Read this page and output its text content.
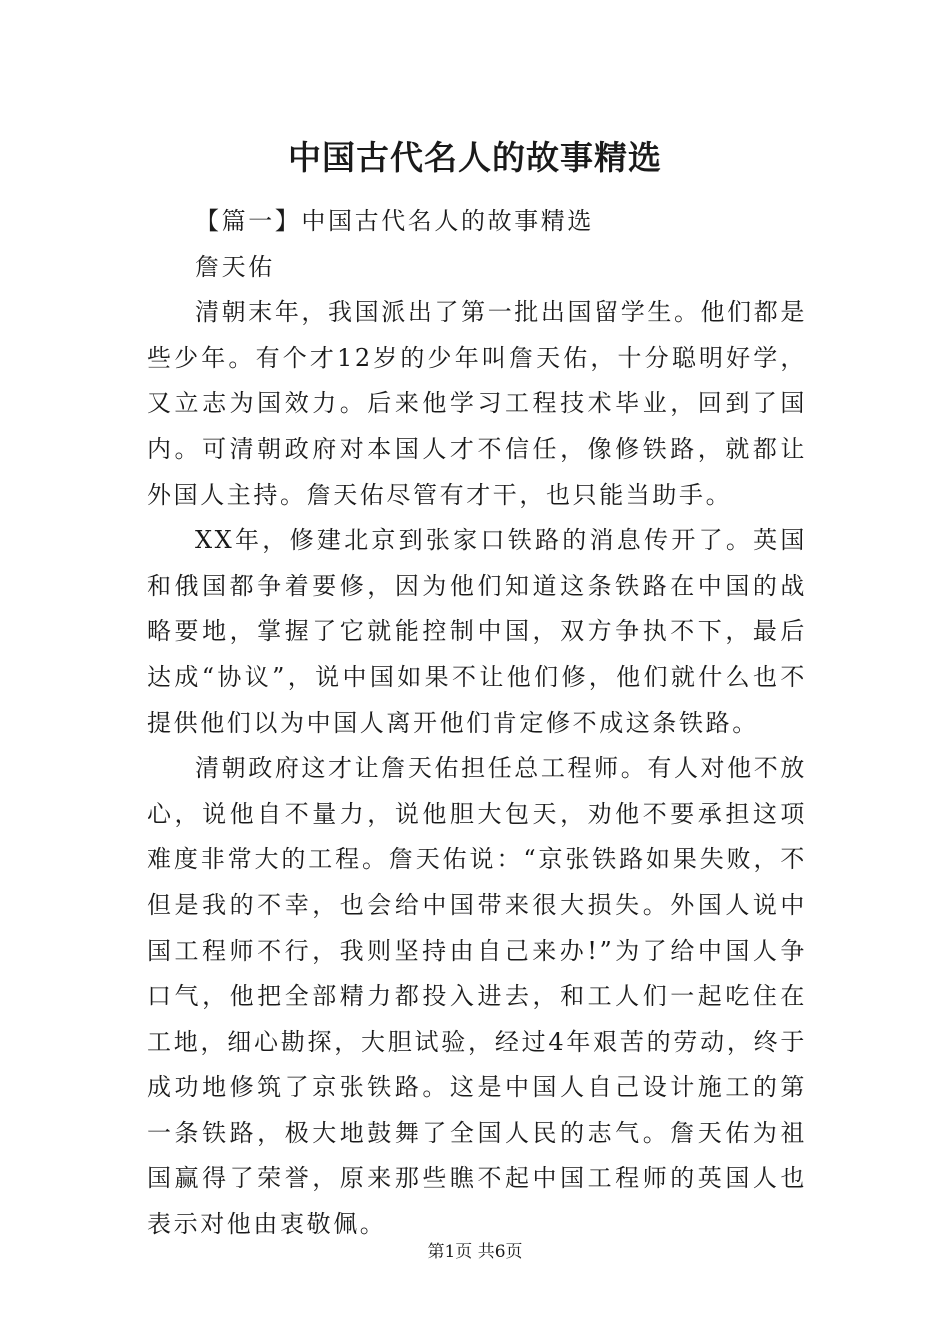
中国古代名人的故事精选

【篇一】中国古代名人的故事精选

詹天佑

清朝末年，我国派出了第一批出国留学生。他们都是些少年。有个才12岁的少年叫詹天佑，十分聪明好学，又立志为国效力。后来他学习工程技术毕业，回到了国内。可清朝政府对本国人才不信任，像修铁路，就都让外国人主持。詹天佑尽管有才干，也只能当助手。

XX年，修建北京到张家口铁路的消息传开了。英国和俄国都争着要修，因为他们知道这条铁路在中国的战略要地，掌握了它就能控制中国，双方争执不下，最后达成“协议”，说中国如果不让他们修，他们就什么也不提供他们以为中国人离开他们肯定修不成这条铁路。

清朝政府这才让詹天佑担任总工程师。有人对他不放心，说他自不量力，说他胆大包天，劝他不要承担这项难度非常大的工程。詹天佑说：“京张铁路如果失败，不但是我的不幸，也会给中国带来很大损失。外国人说中国工程师不行，我则坚持由自己来办!”为了给中国人争口气，他把全部精力都投入进去，和工人们一起吃住在工地，细心勘探，大胆试验，经过4年艰苦的劳动，终于成功地修筑了京张铁路。这是中国人自己设计施工的第一条铁路，极大地鼓舞了全国人民的志气。詹天佑为祖国赢得了荣誉，原来那些瞧不起中国工程师的英国人也表示对他由衷敬佩。

第1页 共6页
